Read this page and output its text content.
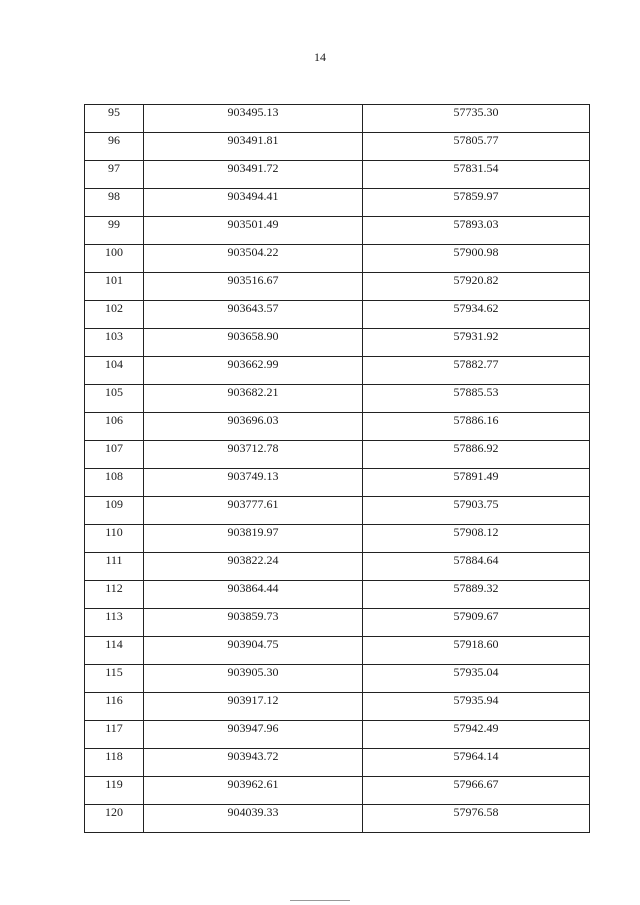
14
95	903495.13	57735.30
96	903491.81	57805.77
97	903491.72	57831.54
98	903494.41	57859.97
99	903501.49	57893.03
100	903504.22	57900.98
101	903516.67	57920.82
102	903643.57	57934.62
103	903658.90	57931.92
104	903662.99	57882.77
105	903682.21	57885.53
106	903696.03	57886.16
107	903712.78	57886.92
108	903749.13	57891.49
109	903777.61	57903.75
110	903819.97	57908.12
111	903822.24	57884.64
112	903864.44	57889.32
113	903859.73	57909.67
114	903904.75	57918.60
115	903905.30	57935.04
116	903917.12	57935.94
117	903947.96	57942.49
118	903943.72	57964.14
119	903962.61	57966.67
120	904039.33	57976.58
